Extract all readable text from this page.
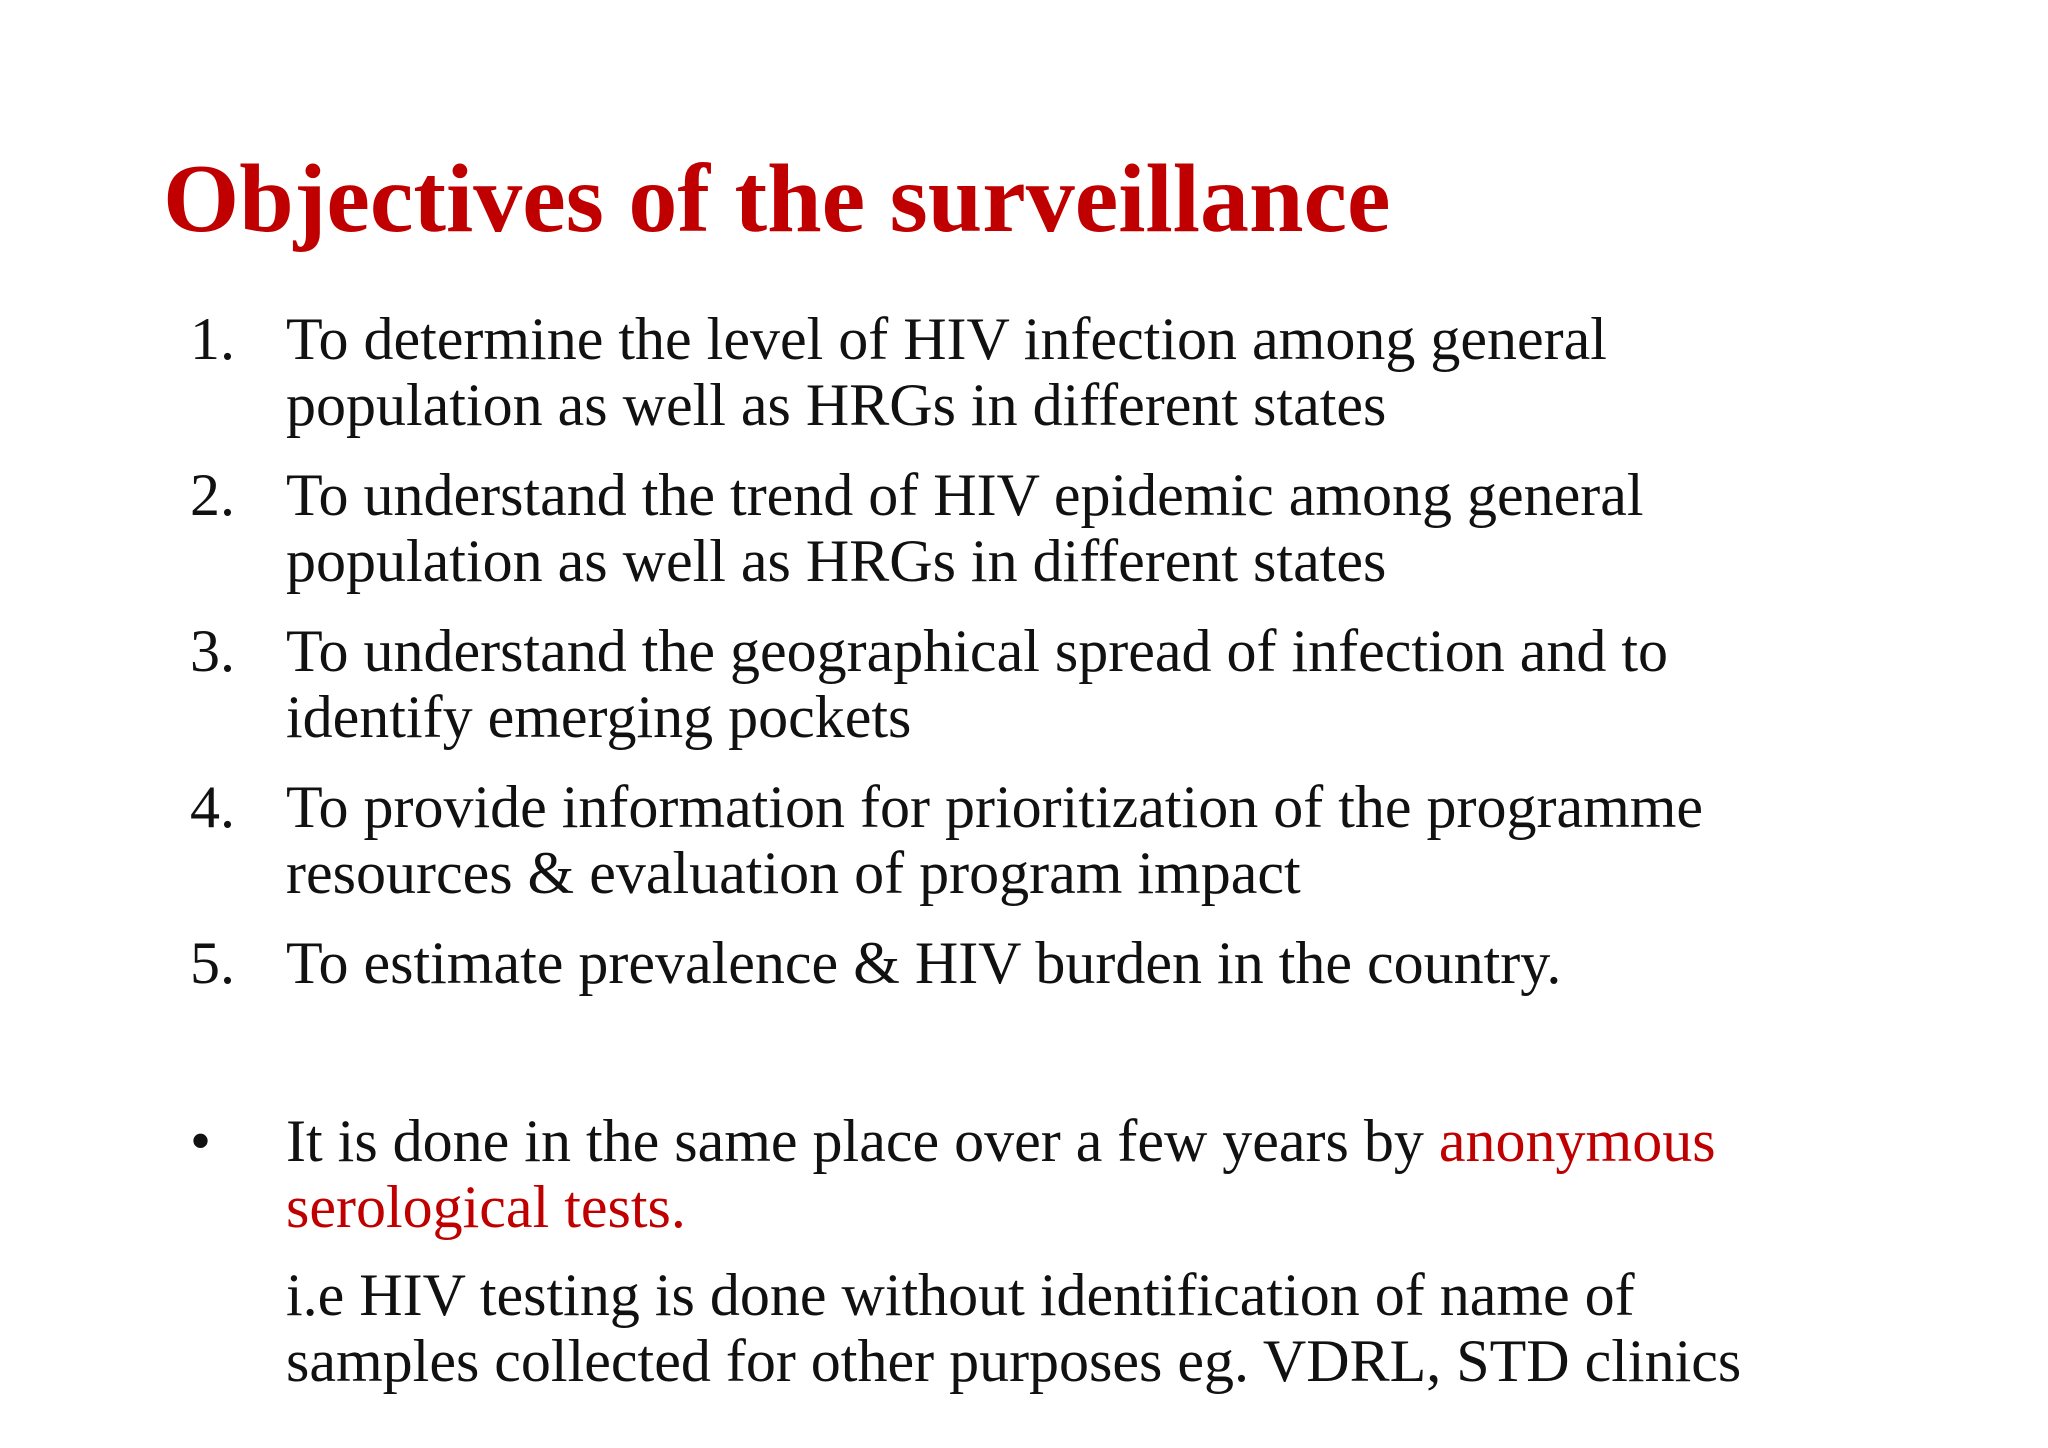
Objectives of the surveillance
1. To determine the level of HIV infection among general
population as well as HRGs in different states
2. To understand the trend of HIV epidemic among general
population as well as HRGs in different states
3. To understand the geographical spread of infection and to
identify emerging pockets
4. To provide information for prioritization of the programme
resources & evaluation of program impact
5. To estimate prevalence & HIV burden in the country.
• It is done in the same place over a few years by anonymous
serological tests.
i.e HIV testing is done without identification of name of
samples collected for other purposes eg. VDRL, STD clinics
